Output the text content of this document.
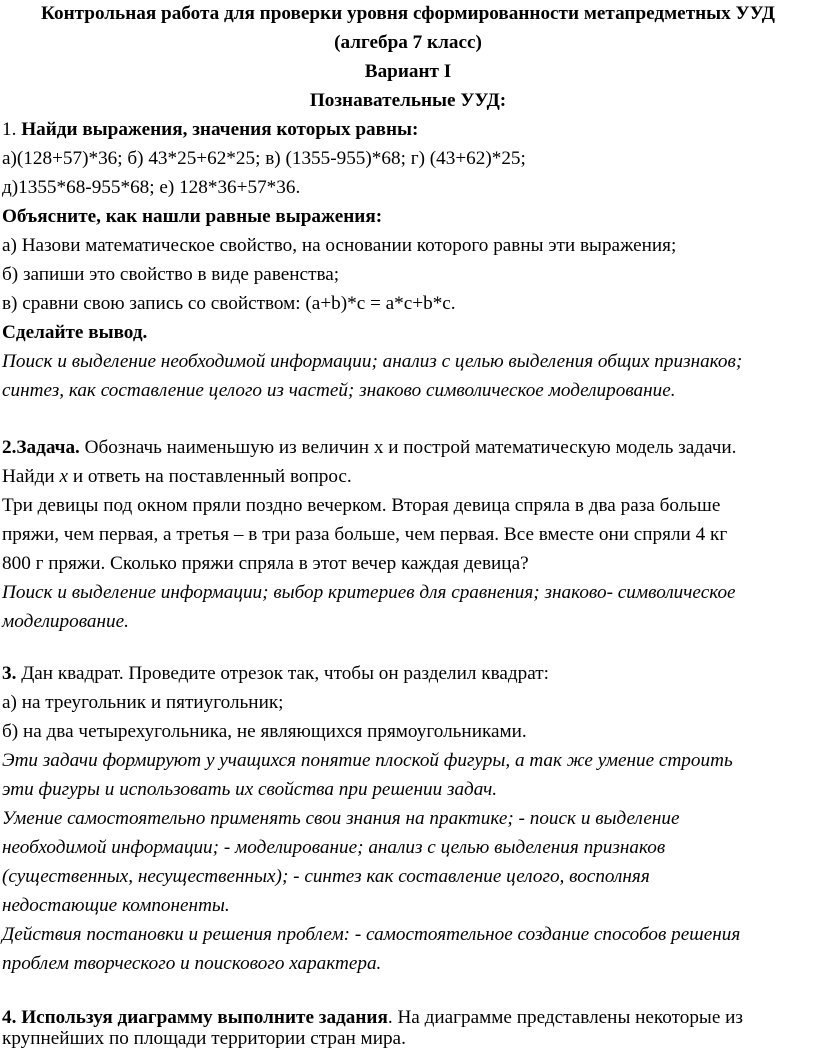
Контрольная работа для проверки уровня сформированности метапредметных УУД
(алгебра 7 класс)
Вариант I
Познавательные УУД:
1. Найди выражения, значения которых равны:
а)(128+57)*36; б) 43*25+62*25; в) (1355-955)*68; г) (43+62)*25;
д)1355*68-955*68; е) 128*36+57*36.
Объясните, как нашли равные выражения:
а) Назови математическое свойство, на основании которого равны эти выражения;
б) запиши это свойство в виде равенства;
в) сравни свою запись со свойством: (a+b)*c = a*c+b*c.
Сделайте вывод.
Поиск и выделение необходимой информации; анализ с целью выделения общих признаков;
синтез, как составление целого из частей; знаково символическое моделирование.
2.Задача. Обозначь наименьшую из величин х и построй математическую модель задачи.
Найди x и ответь на поставленный вопрос.
Три девицы под окном пряли поздно вечерком. Вторая девица спряла в два раза больше
пряжи, чем первая, а третья – в три раза больше, чем первая. Все вместе они спряли 4 кг
800 г пряжи. Сколько пряжи спряла в этот вечер каждая девица?
Поиск и выделение информации; выбор критериев для сравнения; знаково- символическое
моделирование.
3. Дан квадрат. Проведите отрезок так, чтобы он разделил квадрат:
а) на треугольник и пятиугольник;
б) на два четырехугольника, не являющихся прямоугольниками.
Эти задачи формируют у учащихся понятие плоской фигуры, а так же умение строить
эти фигуры и использовать их свойства при решении задач.
Умение самостоятельно применять свои знания на практике; - поиск и выделение
необходимой информации; - моделирование; анализ с целью выделения признаков
(существенных, несущественных); - синтез как составление целого, восполняя
недостающие компоненты.
Действия постановки и решения проблем: - самостоятельное создание способов решения
проблем творческого и поискового характера.
4. Используя диаграмму выполните задания. На диаграмме представлены некоторые из
крупнейших по площади территории стран мира.
